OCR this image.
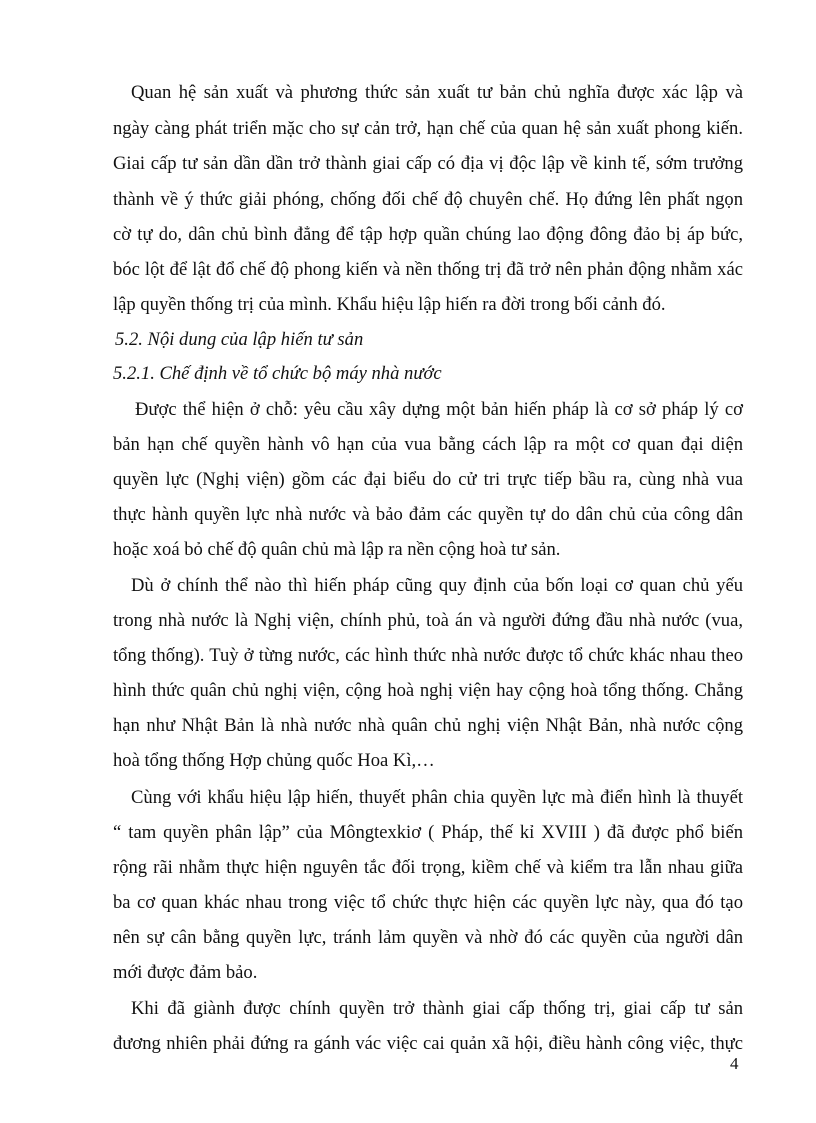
Quan hệ sản xuất và phương thức sản xuất tư bản chủ nghĩa được xác lập và
ngày càng phát triển mặc cho sự cản trở, hạn chế của quan hệ sản xuất phong kiến.
Giai cấp tư sản dần dần trở thành giai cấp có địa vị độc lập về kinh tế, sớm trưởng
thành về ý thức giải phóng, chống đối chế độ chuyên chế. Họ đứng lên phất ngọn
cờ tự do, dân chủ bình đẳng để tập hợp quần chúng lao động đông đảo bị áp bức,
bóc lột để lật đổ chế độ phong kiến và nền thống trị đã trở nên phản động nhằm xác
lập quyền thống trị của mình. Khẩu hiệu lập hiến ra đời trong bối cảnh đó.
5.2. Nội dung của lập hiến tư sản
5.2.1. Chế định về tổ chức bộ máy nhà nước
Được thể hiện ở chỗ: yêu cầu xây dựng một bản hiến pháp là cơ sở pháp lý cơ
bản hạn chế quyền hành vô hạn của vua bằng cách lập ra một cơ quan đại diện
quyền lực (Nghị viện) gồm các đại biểu do cử tri trực tiếp bầu ra, cùng nhà vua
thực hành quyền lực nhà nước và bảo đảm các quyền tự do dân chủ của công dân
hoặc xoá bỏ chế độ quân chủ mà lập ra nền cộng hoà tư sản.
Dù ở chính thể nào thì hiến pháp cũng quy định của bốn loại cơ quan chủ yếu
trong nhà nước là Nghị viện, chính phủ, toà án và người đứng đầu nhà nước (vua,
tổng thống). Tuỳ ở từng nước, các hình thức nhà nước được tổ chức khác nhau theo
hình thức quân chủ nghị viện, cộng hoà nghị viện hay cộng hoà tổng thống. Chẳng
hạn như Nhật Bản là nhà nước nhà quân chủ nghị viện Nhật Bản, nhà nước cộng
hoà tổng thống Hợp chủng quốc Hoa Kì,…
Cùng với khẩu hiệu lập hiến, thuyết phân chia quyền lực mà điển hình là thuyết
“ tam quyền phân lập” của Môngtexkiơ ( Pháp, thế kỉ XVIII ) đã được phổ biến
rộng rãi nhằm thực hiện nguyên tắc đối trọng, kiềm chế và kiểm tra lẫn nhau giữa
ba cơ quan khác nhau trong việc tổ chức thực hiện các quyền lực này, qua đó tạo
nên sự cân bằng quyền lực, tránh lảm quyền và nhờ đó các quyền của người dân
mới được đảm bảo.
Khi đã giành được chính quyền trở thành giai cấp thống trị, giai cấp tư sản
đương nhiên phải đứng ra gánh vác việc cai quản xã hội, điều hành công việc, thực
4
